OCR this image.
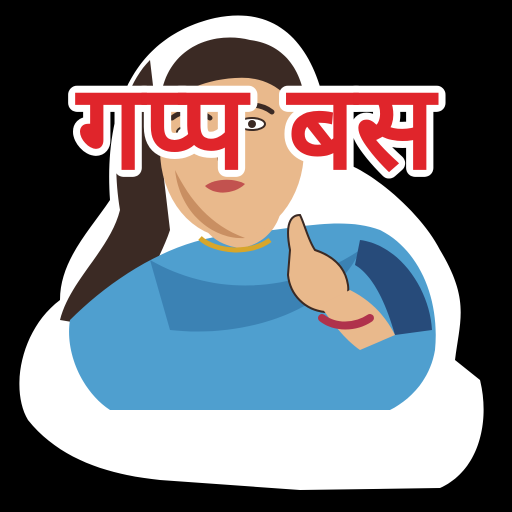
गप्प बस
